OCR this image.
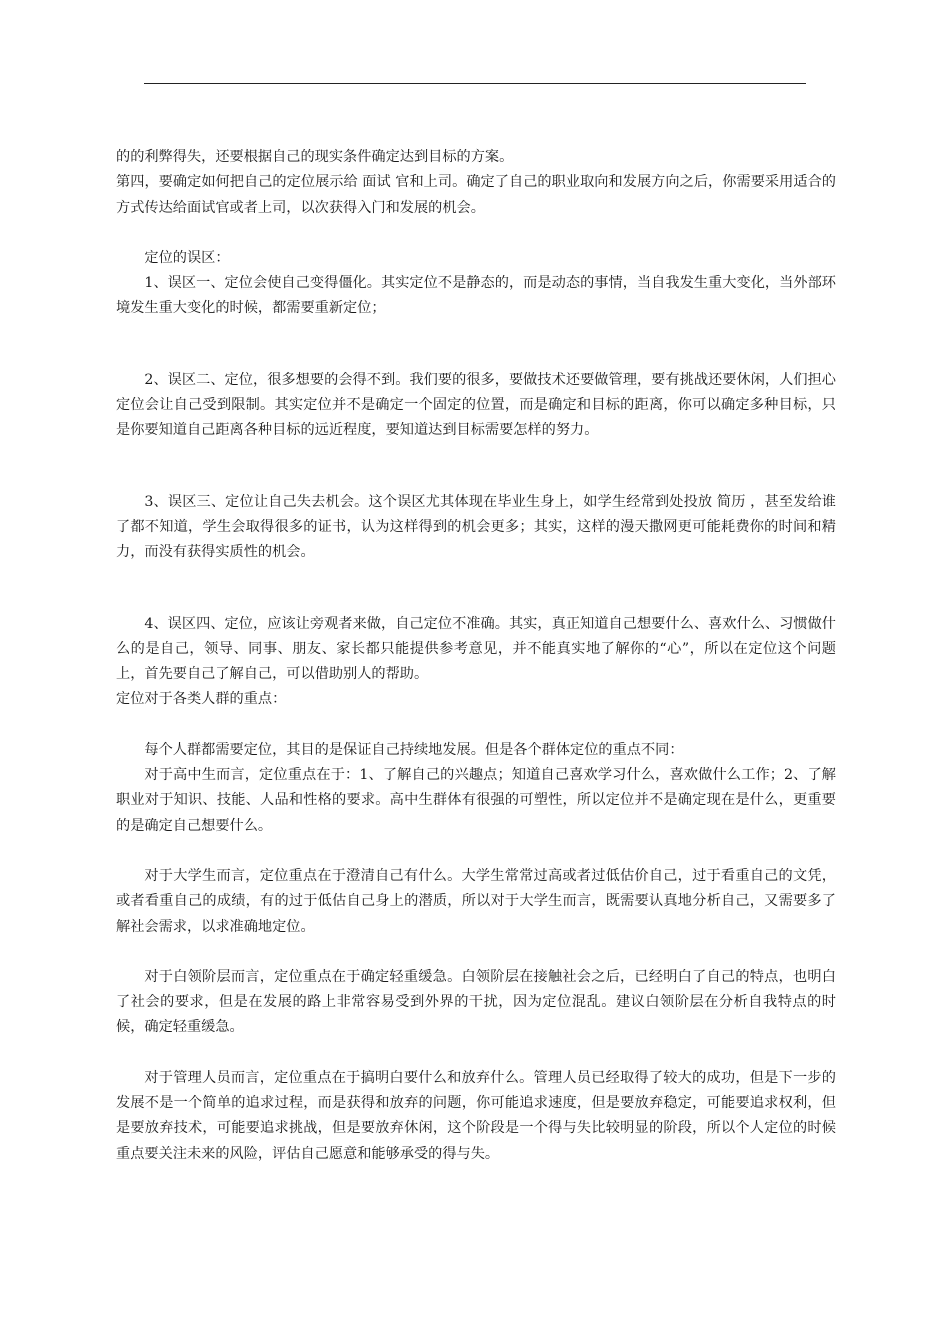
的的利弊得失，还要根据自己的现实条件确定达到目标的方案。

第四，要确定如何把自己的定位展示给 面试 官和上司。确定了自己的职业取向和发展方向之后，你需要采用适合的方式传达给面试官或者上司，以次获得入门和发展的机会。

定位的误区：

1、误区一、定位会使自己变得僵化。其实定位不是静态的，而是动态的事情，当自我发生重大变化，当外部环境发生重大变化的时候，都需要重新定位；

2、误区二、定位，很多想要的会得不到。我们要的很多，要做技术还要做管理，要有挑战还要休闲，人们担心定位会让自己受到限制。其实定位并不是确定一个固定的位置，而是确定和目标的距离，你可以确定多种目标，只是你要知道自己距离各种目标的远近程度，要知道达到目标需要怎样的努力。

3、误区三、定位让自己失去机会。这个误区尤其体现在毕业生身上，如学生经常到处投放 简历 ，甚至发给谁了都不知道，学生会取得很多的证书，认为这样得到的机会更多；其实，这样的漫天撒网更可能耗费你的时间和精力，而没有获得实质性的机会。

4、误区四、定位，应该让旁观者来做，自己定位不准确。其实，真正知道自己想要什么、喜欢什么、习惯做什么的是自己，领导、同事、朋友、家长都只能提供参考意见，并不能真实地了解你的“心”，所以在定位这个问题上，首先要自己了解自己，可以借助别人的帮助。

定位对于各类人群的重点：

每个人群都需要定位，其目的是保证自己持续地发展。但是各个群体定位的重点不同：

对于高中生而言，定位重点在于：1、了解自己的兴趣点；知道自己喜欢学习什么，喜欢做什么工作；2、了解职业对于知识、技能、人品和性格的要求。高中生群体有很强的可塑性，所以定位并不是确定现在是什么，更重要的是确定自己想要什么。

对于大学生而言，定位重点在于澄清自己有什么。大学生常常过高或者过低估价自己，过于看重自己的文凭，或者看重自己的成绩，有的过于低估自己身上的潜质，所以对于大学生而言，既需要认真地分析自己，又需要多了解社会需求，以求准确地定位。

对于白领阶层而言，定位重点在于确定轻重缓急。白领阶层在接触社会之后，已经明白了自己的特点，也明白了社会的要求，但是在发展的路上非常容易受到外界的干扰，因为定位混乱。建议白领阶层在分析自我特点的时候，确定轻重缓急。

对于管理人员而言，定位重点在于搞明白要什么和放弃什么。管理人员已经取得了较大的成功，但是下一步的发展不是一个简单的追求过程，而是获得和放弃的问题，你可能追求速度，但是要放弃稳定，可能要追求权利，但是要放弃技术，可能要追求挑战，但是要放弃休闲，这个阶段是一个得与失比较明显的阶段，所以个人定位的时候重点要关注未来的风险，评估自己愿意和能够承受的得与失。
